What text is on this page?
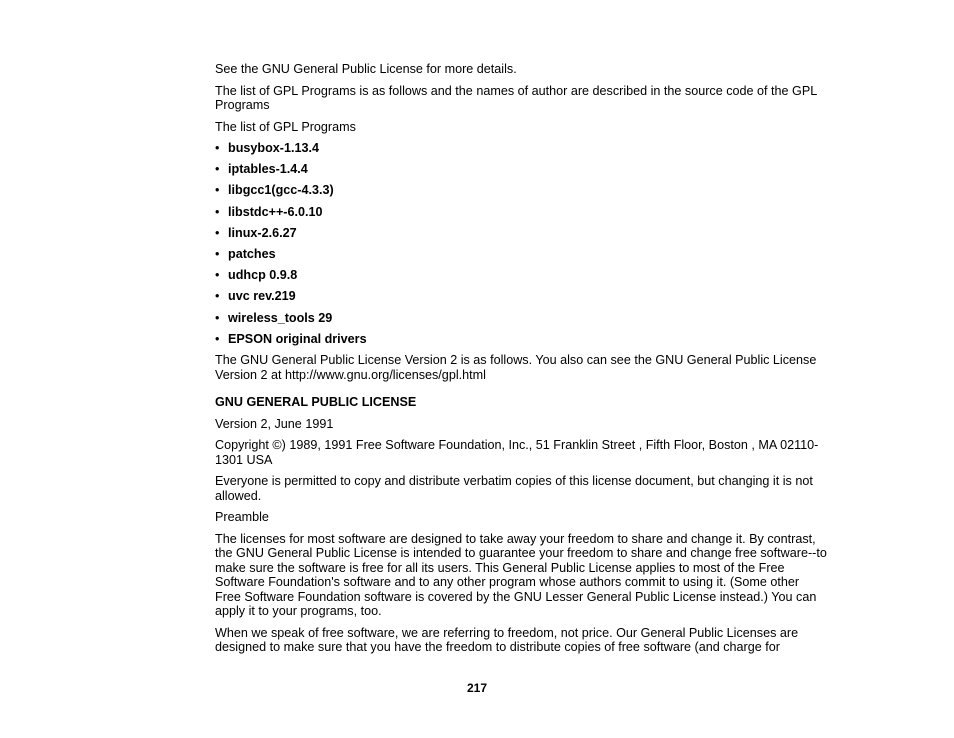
See the GNU General Public License for more details.

The list of GPL Programs is as follows and the names of author are described in the source code of the GPL Programs

The list of GPL Programs

• busybox-1.13.4
• iptables-1.4.4
• libgcc1(gcc-4.3.3)
• libstdc++-6.0.10
• linux-2.6.27
• patches
• udhcp 0.9.8
• uvc rev.219
• wireless_tools 29
• EPSON original drivers

The GNU General Public License Version 2 is as follows. You also can see the GNU General Public License Version 2 at http://www.gnu.org/licenses/gpl.html

GNU GENERAL PUBLIC LICENSE

Version 2, June 1991

Copyright ©) 1989, 1991 Free Software Foundation, Inc., 51 Franklin Street , Fifth Floor, Boston , MA 02110-1301 USA

Everyone is permitted to copy and distribute verbatim copies of this license document, but changing it is not allowed.

Preamble

The licenses for most software are designed to take away your freedom to share and change it. By contrast, the GNU General Public License is intended to guarantee your freedom to share and change free software--to make sure the software is free for all its users. This General Public License applies to most of the Free Software Foundation's software and to any other program whose authors commit to using it. (Some other Free Software Foundation software is covered by the GNU Lesser General Public License instead.) You can apply it to your programs, too.

When we speak of free software, we are referring to freedom, not price. Our General Public Licenses are designed to make sure that you have the freedom to distribute copies of free software (and charge for

217
